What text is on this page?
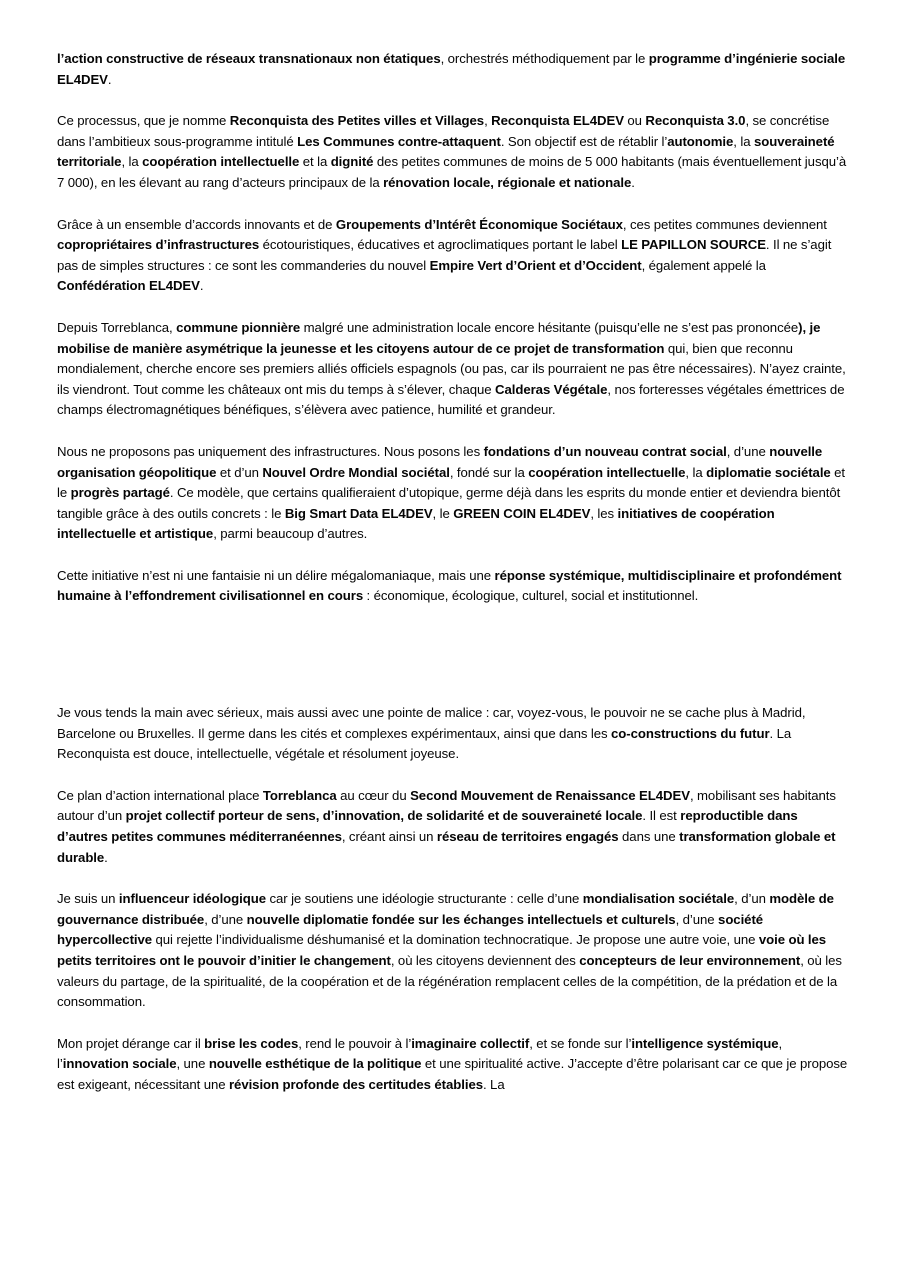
l’action constructive de réseaux transnationaux non étatiques, orchestrés méthodiquement par le programme d’ingénierie sociale EL4DEV.

Ce processus, que je nomme Reconquista des Petites villes et Villages, Reconquista EL4DEV ou Reconquista 3.0, se concrétise dans l’ambitieux sous-programme intitulé Les Communes contre-attaquent. Son objectif est de rétablir l’autonomie, la souveraineté territoriale, la coopération intellectuelle et la dignité des petites communes de moins de 5 000 habitants (mais éventuellement jusqu’à 7 000), en les élevant au rang d’acteurs principaux de la rénovation locale, régionale et nationale.

Grâce à un ensemble d’accords innovants et de Groupements d’Intérêt Économique Sociétaux, ces petites communes deviennent copropriétaires d’infrastructures écotouristiques, éducatives et agroclimatiques portant le label LE PAPILLON SOURCE. Il ne s’agit pas de simples structures : ce sont les commanderies du nouvel Empire Vert d’Orient et d’Occident, également appelé la Confédération EL4DEV.

Depuis Torreblanca, commune pionnière malgré une administration locale encore hésitante (puisqu’elle ne s’est pas prononcée), je mobilise de manière asymétrique la jeunesse et les citoyens autour de ce projet de transformation qui, bien que reconnu mondialement, cherche encore ses premiers alliés officiels espagnols (ou pas, car ils pourraient ne pas être nécessaires). N’ayez crainte, ils viendront. Tout comme les châteaux ont mis du temps à s’élever, chaque Calderas Végétale, nos forteresses végétales émettrices de champs électromagnétiques bénéfiques, s’élèvera avec patience, humilité et grandeur.

Nous ne proposons pas uniquement des infrastructures. Nous posons les fondations d’un nouveau contrat social, d’une nouvelle organisation géopolitique et d’un Nouvel Ordre Mondial sociétal, fondé sur la coopération intellectuelle, la diplomatie sociétale et le progrès partagé. Ce modèle, que certains qualifieraient d’utopique, germe déjà dans les esprits du monde entier et deviendra bientôt tangible grâce à des outils concrets : le Big Smart Data EL4DEV, le GREEN COIN EL4DEV, les initiatives de coopération intellectuelle et artistique, parmi beaucoup d’autres.

Cette initiative n’est ni une fantaisie ni un délire mégalomaniaque, mais une réponse systémique, multidisciplinaire et profondément humaine à l’effondrement civilisationnel en cours : économique, écologique, culturel, social et institutionnel.

Je vous tends la main avec sérieux, mais aussi avec une pointe de malice : car, voyez-vous, le pouvoir ne se cache plus à Madrid, Barcelone ou Bruxelles. Il germe dans les cités et complexes expérimentaux, ainsi que dans les co-constructions du futur. La Reconquista est douce, intellectuelle, végétale et résolument joyeuse.

Ce plan d’action international place Torreblanca au cœur du Second Mouvement de Renaissance EL4DEV, mobilisant ses habitants autour d’un projet collectif porteur de sens, d’innovation, de solidarité et de souveraineté locale. Il est reproductible dans d’autres petites communes méditerranéennes, créant ainsi un réseau de territoires engagés dans une transformation globale et durable.

Je suis un influenceur idéologique car je soutiens une idéologie structurante : celle d’une mondialisation sociétale, d’un modèle de gouvernance distribuée, d’une nouvelle diplomatie fondée sur les échanges intellectuels et culturels, d’une société hypercollective qui rejette l’individualisme déshumanisé et la domination technocratique. Je propose une autre voie, une voie où les petits territoires ont le pouvoir d’initier le changement, où les citoyens deviennent des concepteurs de leur environnement, où les valeurs du partage, de la spiritualité, de la coopération et de la régénération remplacent celles de la compétition, de la prédation et de la consommation.

Mon projet dérange car il brise les codes, rend le pouvoir à l’imaginaire collectif, et se fonde sur l’intelligence systémique, l’innovation sociale, une nouvelle esthétique de la politique et une spiritualité active. J’accepte d’être polarisant car ce que je propose est exigeant, nécessitant une révision profonde des certitudes établies. La
